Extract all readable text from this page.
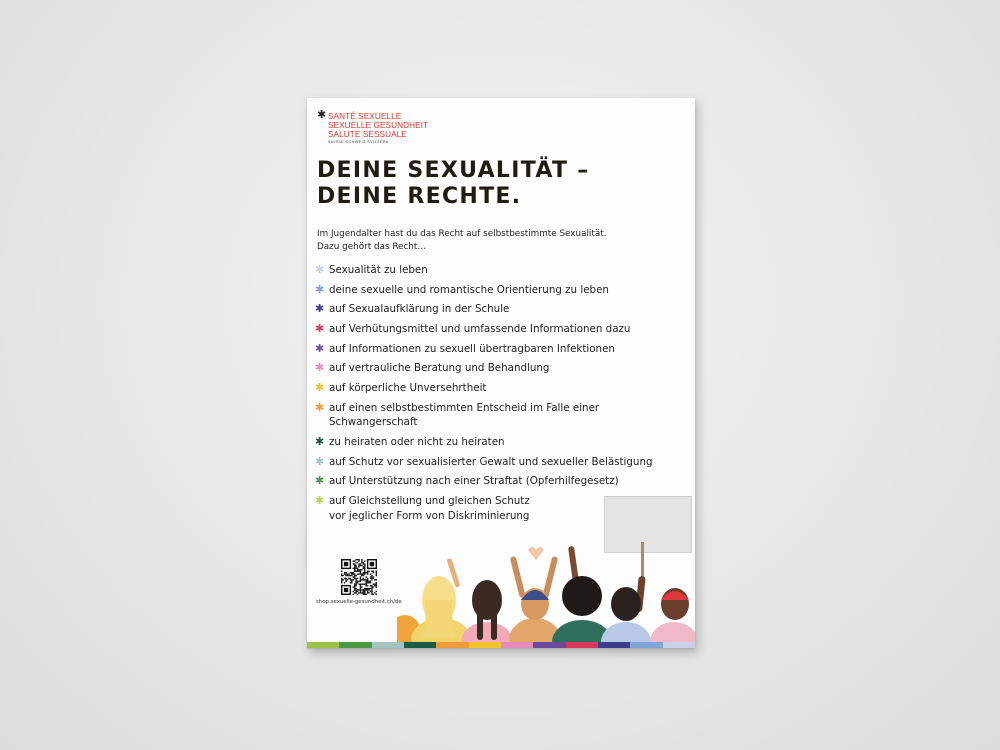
✱ SANTÉ SEXUELLE
SEXUELLE GESUNDHEIT
SALUTE SESSUALE
SUISSE SCHWEIZ SVIZZERA
DEINE SEXUALITÄT –
DEINE RECHTE.
Im Jugendalter hast du das Recht auf selbstbestimmte Sexualität.
Dazu gehört das Recht…
✱ Sexualität zu leben
✱ deine sexuelle und romantische Orientierung zu leben
✱ auf Sexualaufklärung in der Schule
✱ auf Verhütungsmittel und umfassende Informationen dazu
✱ auf Informationen zu sexuell übertragbaren Infektionen
✱ auf vertrauliche Beratung und Behandlung
✱ auf körperliche Unversehrtheit
✱ auf einen selbstbestimmten Entscheid im Falle einer
Schwangerschaft
✱ zu heiraten oder nicht zu heiraten
✱ auf Schutz vor sexualisierter Gewalt und sexueller Belästigung
✱ auf Unterstützung nach einer Straftat (Opferhilfegesetz)
✱ auf Gleichstellung und gleichen Schutz
vor jeglicher Form von Diskriminierung
shop.sexuelle-gesundheit.ch/de
